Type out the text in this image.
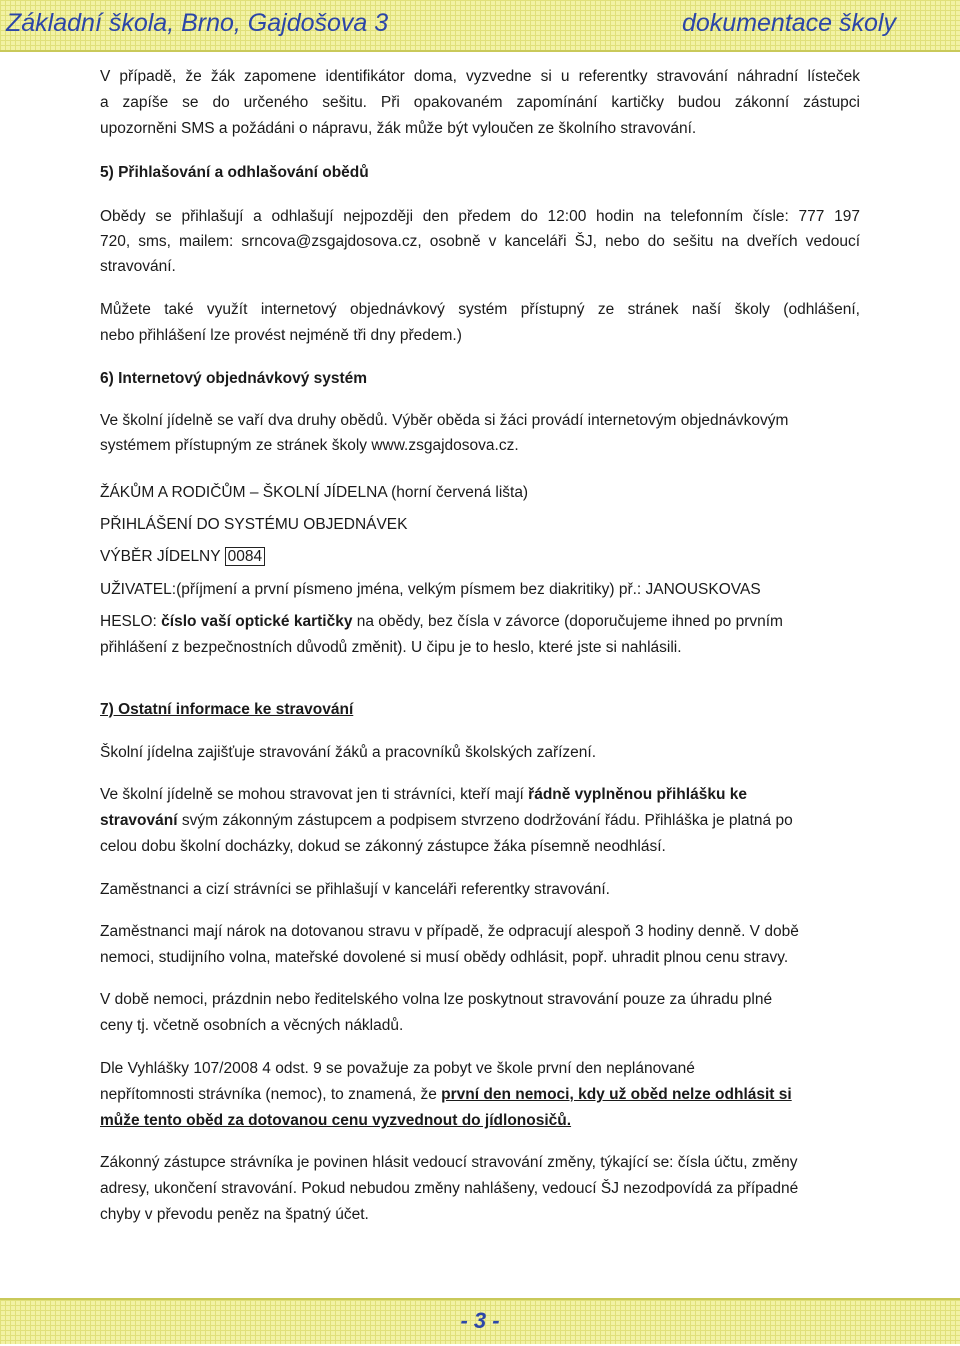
Základní škola, Brno, Gajdošova 3	dokumentace školy

V případě, že žák zapomene identifikátor doma, vyzvedne si u referentky stravování náhradní lísteček

a zapíše se do určeného sešitu. Při opakovaném zapomínání kartičky budou zákonní zástupci

upozorněni SMS a požádáni o nápravu, žák může být vyloučen ze školního stravování.

5) Přihlašování a odhlašování obědů

Obědy se přihlašují a odhlašují nejpozději den předem do 12:00 hodin na telefonním čísle: 777 197

720, sms, mailem: srncova@zsgajdosova.cz, osobně v kanceláři ŠJ, nebo do sešitu na dveřích vedoucí

stravování.

Můžete také využít internetový objednávkový systém přístupný ze stránek naší školy (odhlášení,

nebo přihlášení lze provést nejméně tři dny předem.)

6) Internetový objednávkový systém

Ve školní jídelně se vaří dva druhy obědů. Výběr oběda si žáci provádí internetovým objednávkovým

systémem přístupným ze stránek školy www.zsgajdosova.cz.

ŽÁKŮM A RODIČŮM – ŠKOLNÍ JÍDELNA (horní červená lišta)

PŘIHLÁŠENÍ DO SYSTÉMU OBJEDNÁVEK

VÝBĚR JÍDELNY 0084

UŽIVATEL:(příjmení a první písmeno jména, velkým písmem bez diakritiky) př.: JANOUSKOVAS

HESLO: číslo vaší optické kartičky na obědy, bez čísla v závorce (doporučujeme ihned po prvním

přihlášení z bezpečnostních důvodů změnit). U čipu je to heslo, které jste si nahlásili.

7) Ostatní informace ke stravování

Školní jídelna zajišťuje stravování žáků a pracovníků školských zařízení.

Ve školní jídelně se mohou stravovat jen ti strávníci, kteří mají řádně vyplněnou přihlášku ke

stravování svým zákonným zástupcem a podpisem stvrzeno dodržování řádu. Přihláška je platná po

celou dobu školní docházky, dokud se zákonný zástupce žáka písemně neodhlásí.

Zaměstnanci a cizí strávníci se přihlašují v kanceláři referentky stravování.

Zaměstnanci mají nárok na dotovanou stravu v případě, že odpracují alespoň 3 hodiny denně. V době

nemoci, studijního volna, mateřské dovolené si musí obědy odhlásit, popř. uhradit plnou cenu stravy.

V době nemoci, prázdnin nebo ředitelského volna lze poskytnout stravování pouze za úhradu plné

ceny tj. včetně osobních a věcných nákladů.

Dle Vyhlášky 107/2008 4 odst. 9 se považuje za pobyt ve škole první den neplánované

nepřítomnosti strávníka (nemoc), to znamená, že první den nemoci, kdy už oběd nelze odhlásit si

může tento oběd za dotovanou cenu vyzvednout do jídlonosičů.

Zákonný zástupce strávníka je povinen hlásit vedoucí stravování změny, týkající se: čísla účtu, změny

adresy, ukončení stravování. Pokud nebudou změny nahlášeny, vedoucí ŠJ nezodpovídá za případné

chyby v převodu peněz na špatný účet.

- 3 -
